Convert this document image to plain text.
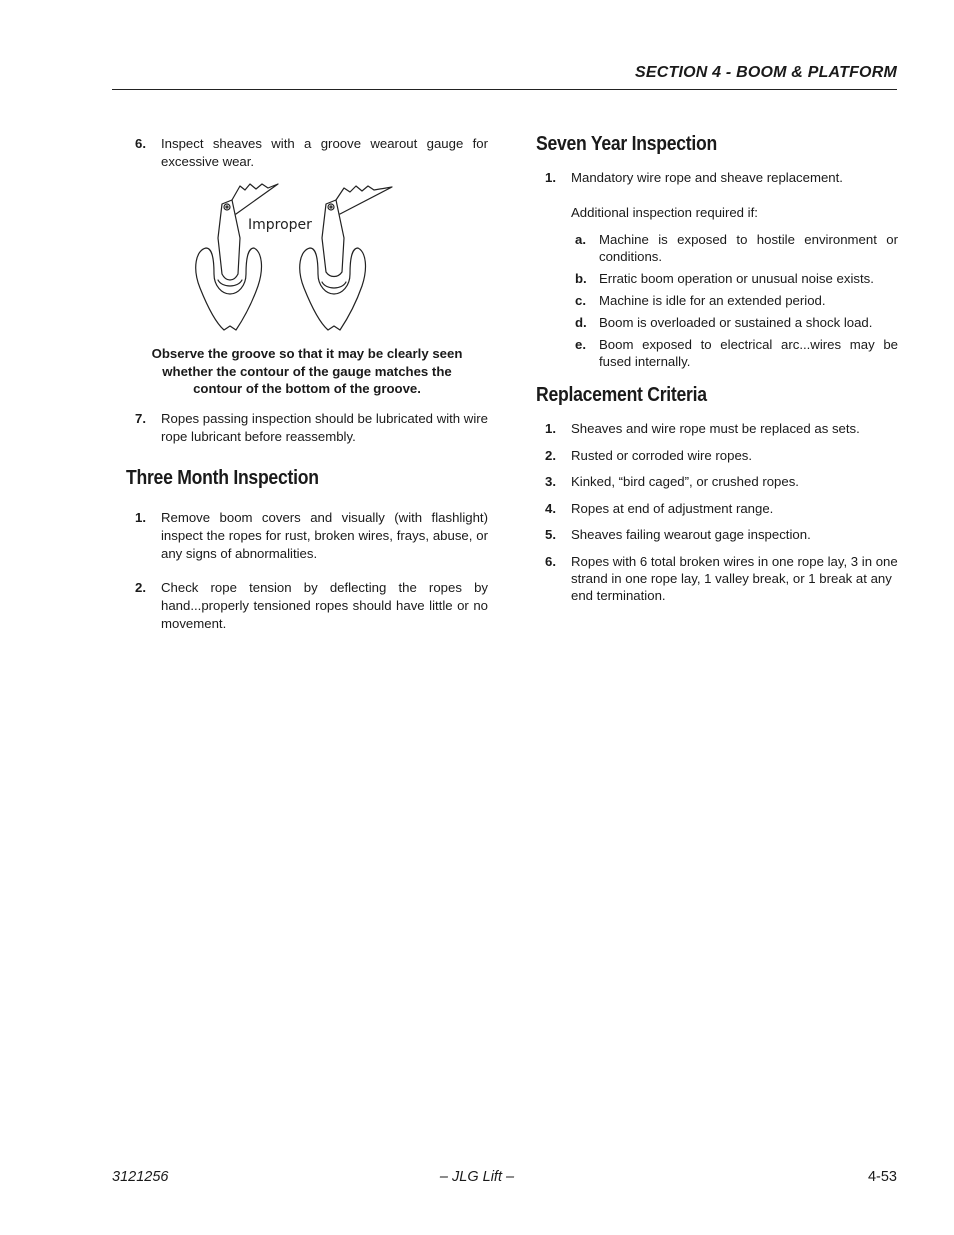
SECTION 4 - BOOM & PLATFORM
6. Inspect sheaves with a groove wearout gauge for excessive wear.
Improper
Observe the groove so that it may be clearly seen
whether the contour of the gauge matches the
contour of the bottom of the groove.
7. Ropes passing inspection should be lubricated with wire rope lubricant before reassembly.
Three Month Inspection
1. Remove boom covers and visually (with flashlight) inspect the ropes for rust, broken wires, frays, abuse, or any signs of abnormalities.
2. Check rope tension by deflecting the ropes by hand...properly tensioned ropes should have little or no movement.
Seven Year Inspection
1. Mandatory wire rope and sheave replacement.
Additional inspection required if:
a. Machine is exposed to hostile environment or conditions.
b. Erratic boom operation or unusual noise exists.
c. Machine is idle for an extended period.
d. Boom is overloaded or sustained a shock load.
e. Boom exposed to electrical arc...wires may be fused internally.
Replacement Criteria
1. Sheaves and wire rope must be replaced as sets.
2. Rusted or corroded wire ropes.
3. Kinked, “bird caged”, or crushed ropes.
4. Ropes at end of adjustment range.
5. Sheaves failing wearout gage inspection.
6. Ropes with 6 total broken wires in one rope lay, 3 in one strand in one rope lay, 1 valley break, or 1 break at any end termination.
3121256	– JLG Lift –	4-53
